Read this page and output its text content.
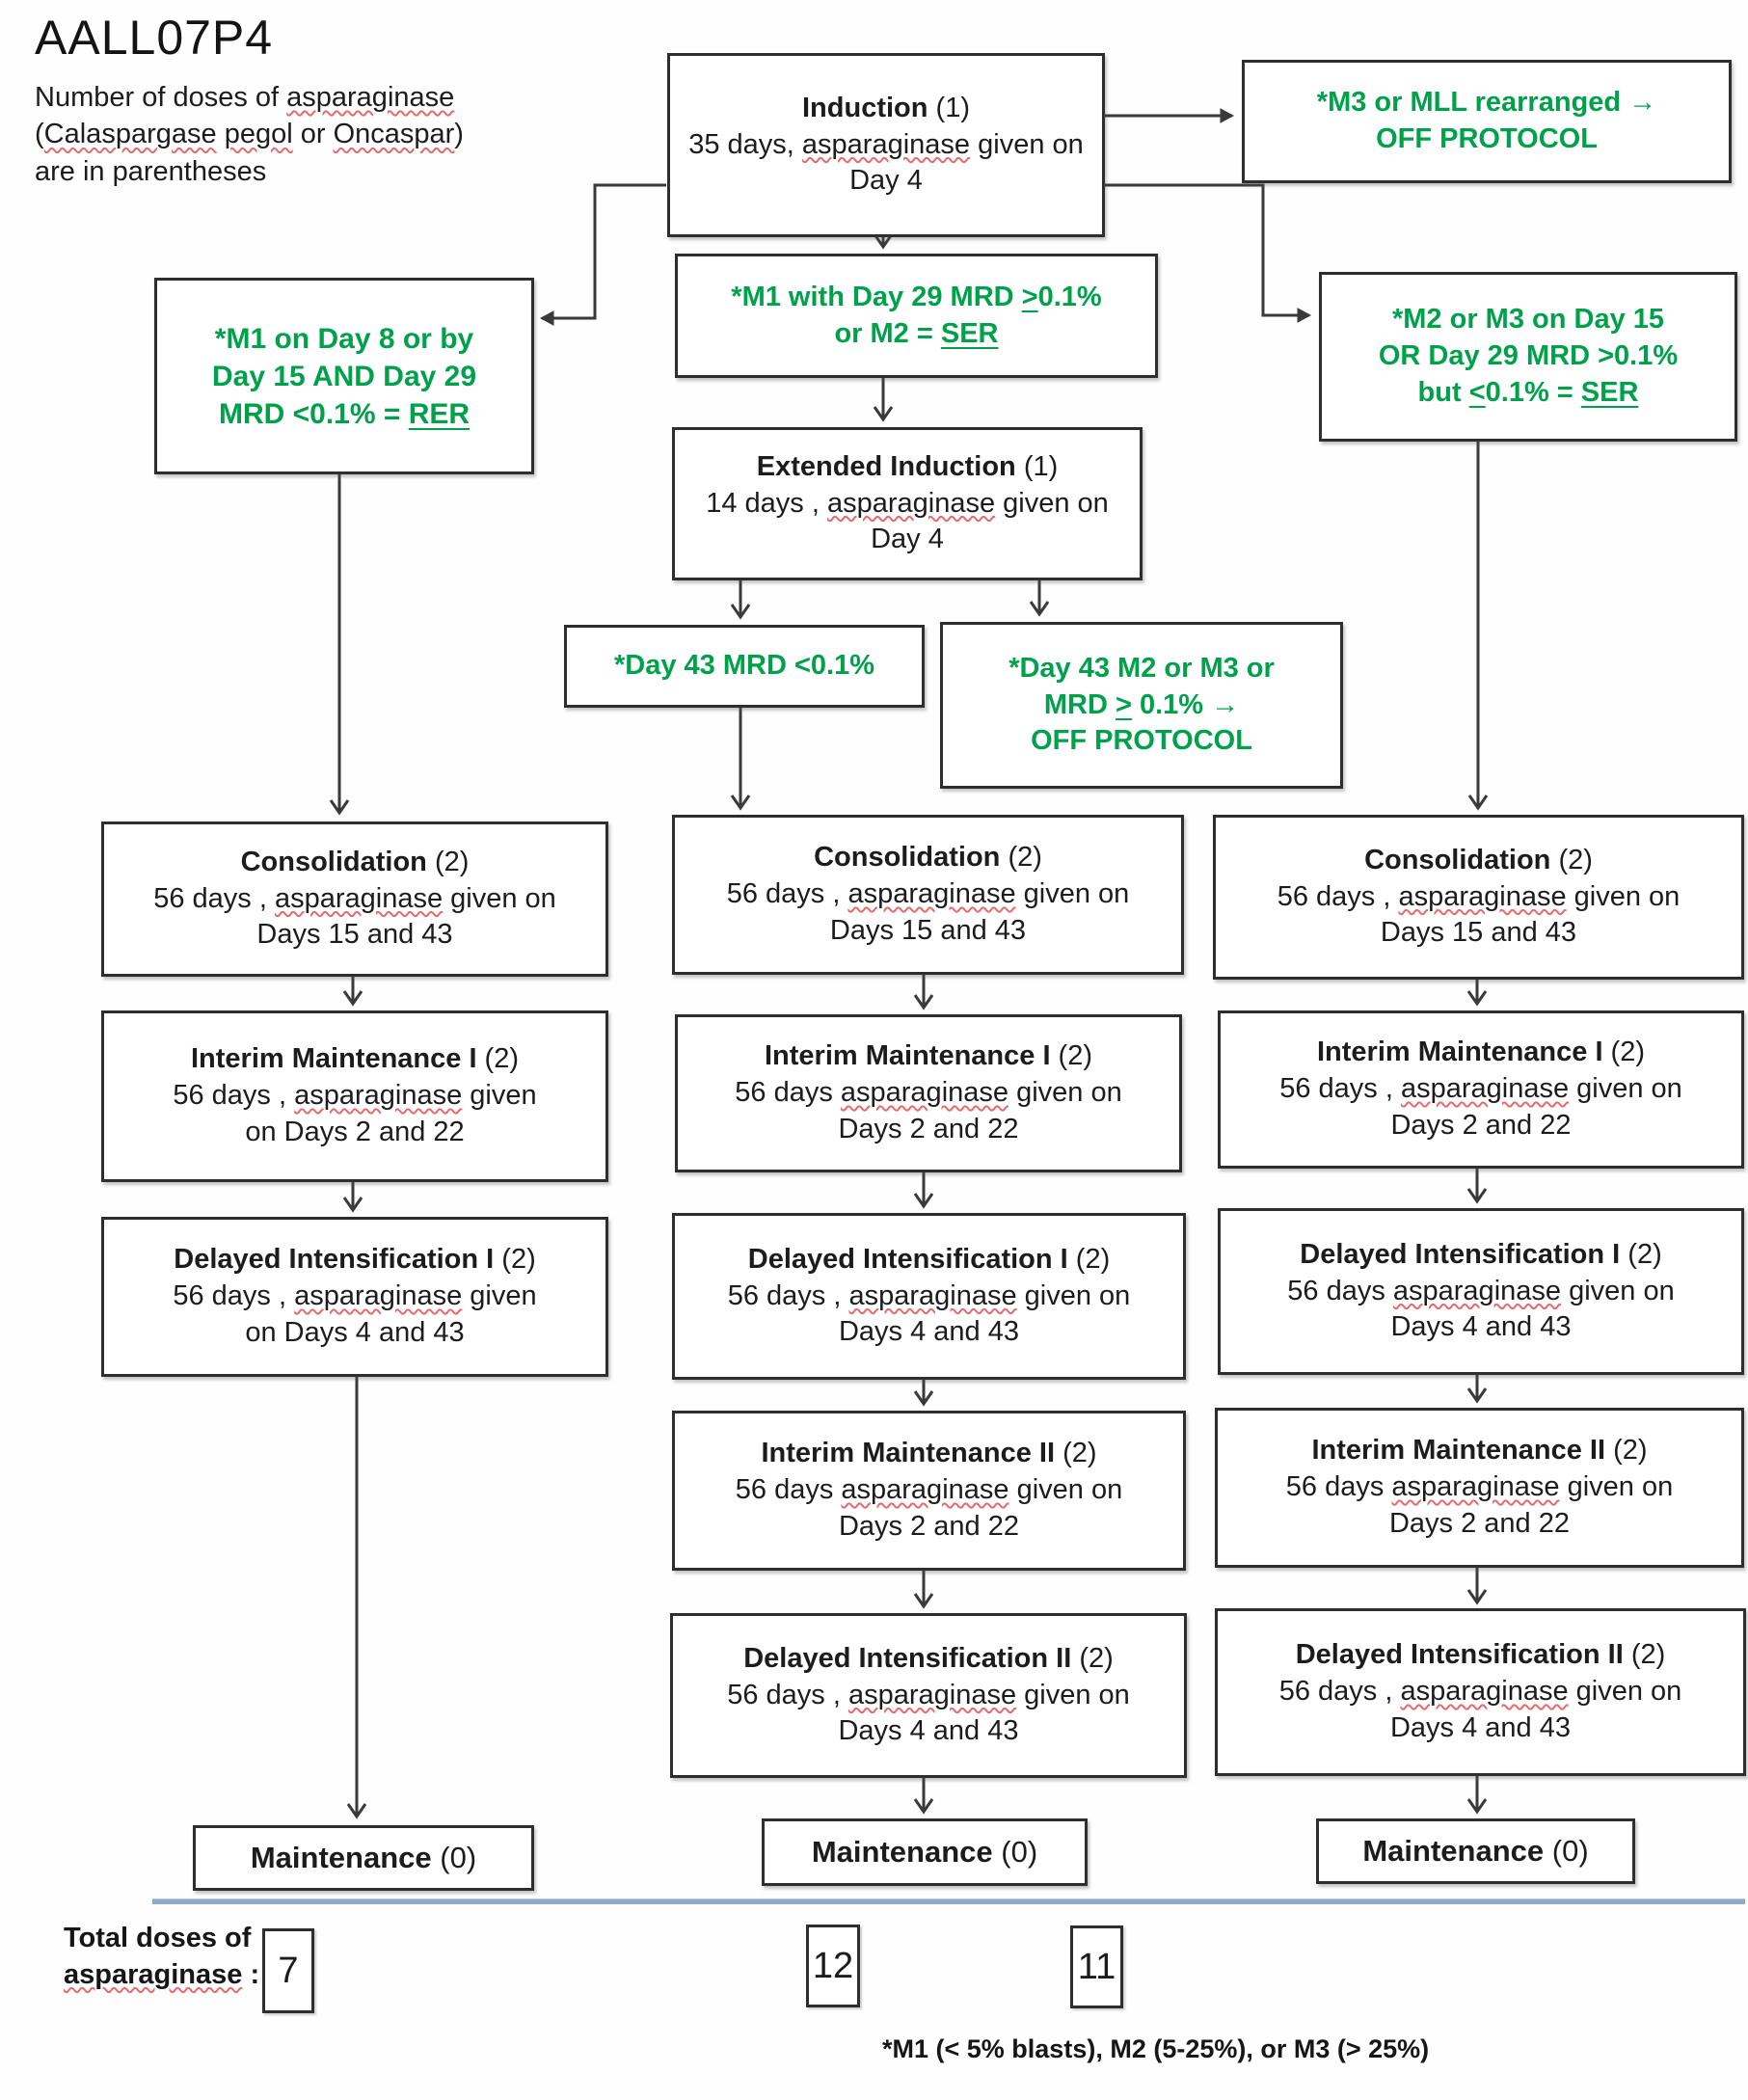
AALL07P4
Number of doses of asparaginase
(Calaspargase pegol or Oncaspar)
are in parentheses
Induction (1)
35 days, asparaginase given on
Day 4
*M3 or MLL rearranged →
OFF PROTOCOL
*M1 on Day 8 or by
Day 15 AND Day 29
MRD <0.1% = RER
*M1 with Day 29 MRD >0.1%
or M2 = SER	*M2 or M3 on Day 15
OR Day 29 MRD >0.1%
but <0.1% = SER
Extended Induction (1)
14 days , asparaginase given on
Day 4
*Day 43 MRD <0.1%	*Day 43 M2 or M3 or
MRD > 0.1% →
OFF PROTOCOL
Consolidation (2)
56 days , asparaginase given on
Days 15 and 43
Interim Maintenance I (2)
56 days , asparaginase given
on Days 2 and 22
Delayed Intensification I (2)
56 days , asparaginase given
on Days 4 and 43
Maintenance (0)
Consolidation (2)
56 days , asparaginase given on
Days 15 and 43
Interim Maintenance I (2)
56 days asparaginase given on
Days 2 and 22
Delayed Intensification I (2)
56 days , asparaginase given on
Days 4 and 43
Interim Maintenance II (2)
56 days asparaginase given on
Days 2 and 22
Delayed Intensification II (2)
56 days , asparaginase given on
Days 4 and 43
Maintenance (0)
Consolidation (2)
56 days , asparaginase given on
Days 15 and 43
Interim Maintenance I (2)
56 days , asparaginase given on
Days 2 and 22
Delayed Intensification I (2)
56 days asparaginase given on
Days 4 and 43
Interim Maintenance II (2)
56 days asparaginase given on
Days 2 and 22
Delayed Intensification II (2)
56 days , asparaginase given on
Days 4 and 43
Maintenance (0)
Total doses of
asparaginase : 7	12	11
*M1 (< 5% blasts), M2 (5-25%), or M3 (> 25%)
